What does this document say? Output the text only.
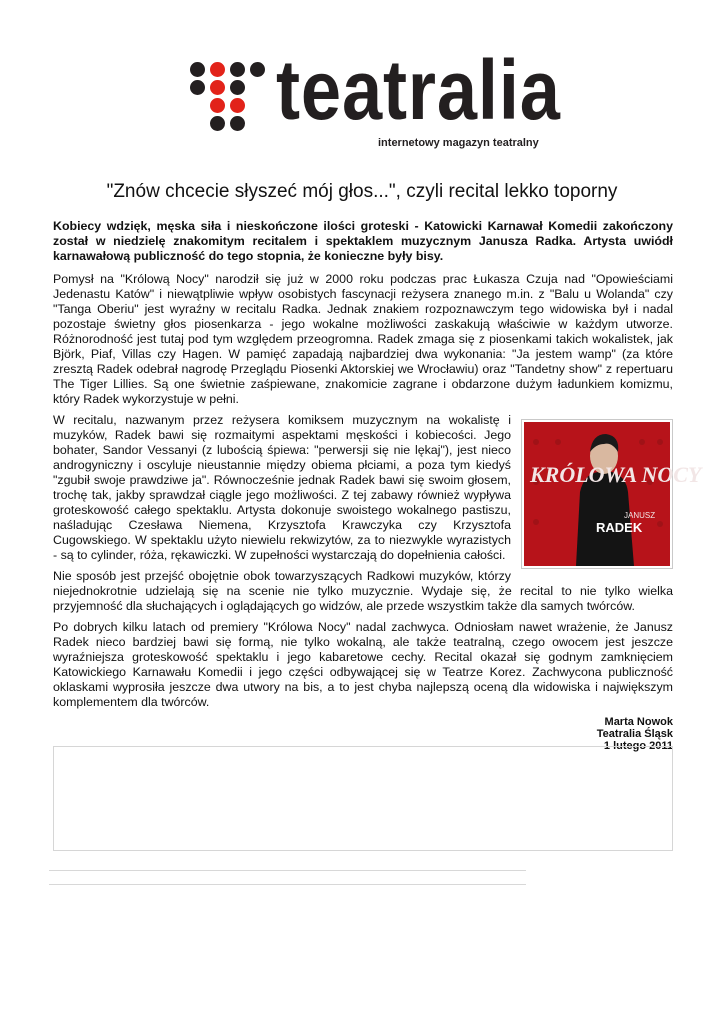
teatralia
internetowy magazyn teatralny
"Znów chcecie słyszeć mój głos...", czyli recital lekko toporny

Kobiecy wdzięk, męska siła i nieskończone ilości groteski - Katowicki Karnawał Komedii zakończony został w niedzielę znakomitym recitalem i spektaklem muzycznym Janusza Radka. Artysta uwiódł karnawałową publiczność do tego stopnia, że konieczne były bisy.

Pomysł na "Królową Nocy" narodził się już w 2000 roku podczas prac Łukasza Czuja nad "Opowieściami Jedenastu Katów" i niewątpliwie wpływ osobistych fascynacji reżysera znanego m.in. z "Balu u Wolanda" czy "Tanga Oberiu" jest wyraźny w recitalu Radka. Jednak znakiem rozpoznawczym tego widowiska był i nadal pozostaje świetny głos piosenkarza - jego wokalne możliwości zaskakują właściwie w każdym utworze. Różnorodność jest tutaj pod tym względem przeogromna. Radek zmaga się z piosenkami takich wokalistek, jak Björk, Piaf, Villas czy Hagen. W pamięć zapadają najbardziej dwa wykonania: "Ja jestem wamp" (za które zresztą Radek odebrał nagrodę Przeglądu Piosenki Aktorskiej we Wrocławiu) oraz "Tandetny show" z repertuaru The Tiger Lillies. Są one świetnie zaśpiewane, znakomicie zagrane i obdarzone dużym ładunkiem komizmu, który Radek wykorzystuje w pełni.

KRÓLOWA NOCY
JANUSZ
RADEK

W recitalu, nazwanym przez reżysera komiksem muzycznym na wokalistę i muzyków, Radek bawi się rozmaitymi aspektami męskości i kobiecości. Jego bohater, Sandor Vessanyi (z lubością śpiewa: "perwersji się nie lękaj"), jest nieco androgyniczny i oscyluje nieustannie między obiema płciami, a poza tym kiedyś "zgubił swoje prawdziwe ja". Równocześnie jednak Radek bawi się swoim głosem, trochę tak, jakby sprawdzał ciągle jego możliwości. Z tej zabawy również wypływa groteskowość całego spektaklu. Artysta dokonuje swoistego wokalnego pastiszu, naśladując Czesława Niemena, Krzysztofa Krawczyka czy Krzysztofa Cugowskiego. W spektaklu użyto niewielu rekwizytów, za to niezwykle wyrazistych - są to cylinder, róża, rękawiczki. W zupełności wystarczają do dopełnienia całości.

Nie sposób jest przejść obojętnie obok towarzyszących Radkowi muzyków, którzy niejednokrotnie udzielają się na scenie nie tylko muzycznie. Wydaje się, że recital to nie tylko wielka przyjemność dla słuchających i oglądających go widzów, ale przede wszystkim także dla samych twórców.

Po dobrych kilku latach od premiery "Królowa Nocy" nadal zachwyca. Odniosłam nawet wrażenie, że Janusz Radek nieco bardziej bawi się formą, nie tylko wokalną, ale także teatralną, czego owocem jest jeszcze wyraźniejsza groteskowość spektaklu i jego kabaretowe cechy. Recital okazał się godnym zamknięciem Katowickiego Karnawału Komedii i jego części odbywającej się w Teatrze Korez. Zachwycona publiczność oklaskami wyprosiła jeszcze dwa utwory na bis, a to jest chyba najlepszą oceną dla widowiska i największym komplementem dla twórców.

Marta Nowok
Teatralia Śląsk
1 lutego 2011
